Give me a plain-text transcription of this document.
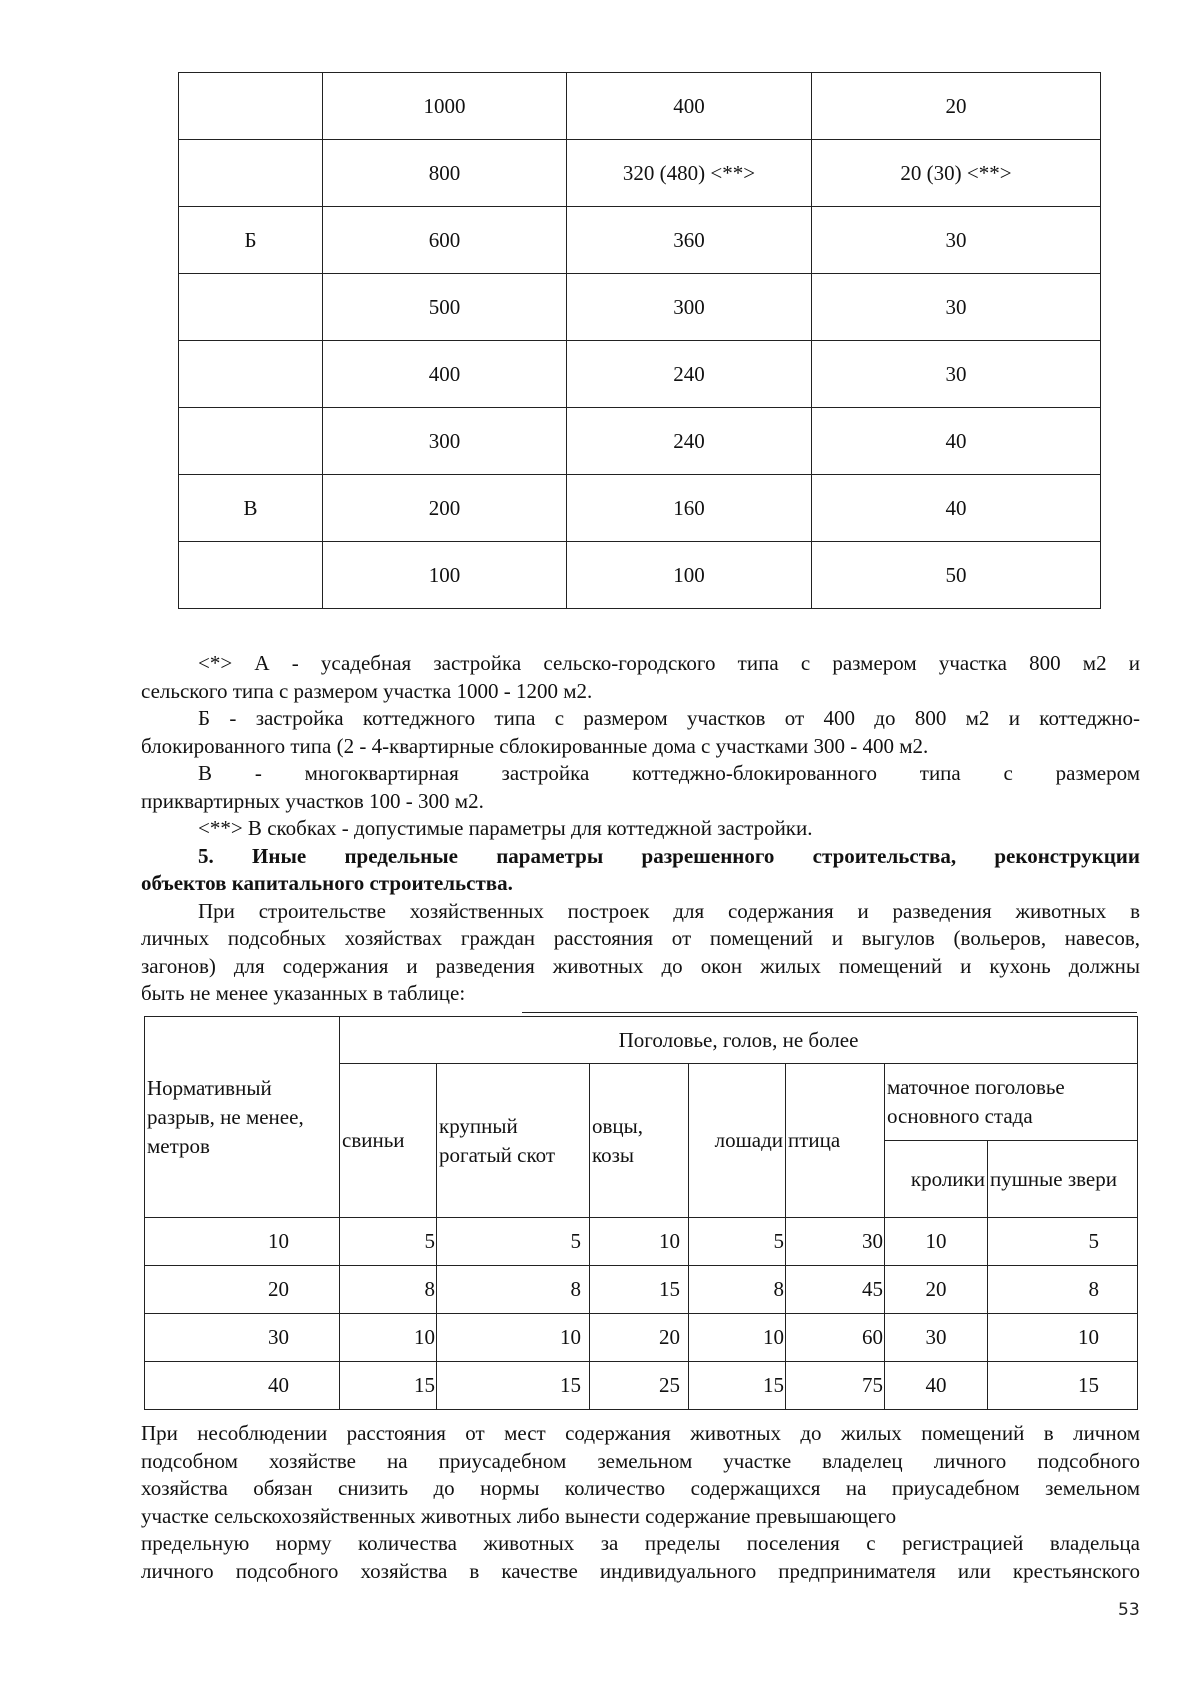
	1000	400	20
	800	320 (480) <**>	20 (30) <**>
Б	600	360	30
	500	300	30
	400	240	30
	300	240	40
В	200	160	40
	100	100	50

<*> А - усадебная застройка сельско-городского типа с размером участка 800 м2 и

сельского типа с размером участка 1000 - 1200 м2.

Б - застройка коттеджного типа с размером участков от 400 до 800 м2 и коттеджно-

блокированного типа (2 - 4-квартирные сблокированные дома с участками 300 - 400 м2.

В - многоквартирная застройка коттеджно-блокированного типа с размером

приквартирных участков 100 - 300 м2.

<**> В скобках - допустимые параметры для коттеджной застройки.

5. Иные предельные параметры разрешенного строительства, реконструкции

объектов капитального строительства.

При строительстве хозяйственных построек для содержания и разведения животных в

личных подсобных хозяйствах граждан расстояния от помещений и выгулов (вольеров, навесов,

загонов) для содержания и разведения животных до окон жилых помещений и кухонь должны

быть не менее указанных в таблице:

Нормативный разрыв, не менее, метров	Поголовье, голов, не более						
	свиньи	крупный рогатый скот	овцы, козы	лошади	птица	маточное поголовье основного стада	
						кролики	пушные звери
10	5	5	10	5	30	10	5
20	8	8	15	8	45	20	8
30	10	10	20	10	60	30	10
40	15	15	25	15	75	40	15

При несоблюдении расстояния от мест содержания животных до жилых помещений в личном

подсобном хозяйстве на приусадебном земельном участке владелец личного подсобного

хозяйства обязан снизить до нормы количество содержащихся на приусадебном земельном

участке сельскохозяйственных животных либо вынести содержание превышающего

предельную норму количества животных за пределы поселения с регистрацией владельца

личного подсобного хозяйства в качестве индивидуального предпринимателя или крестьянского

53
